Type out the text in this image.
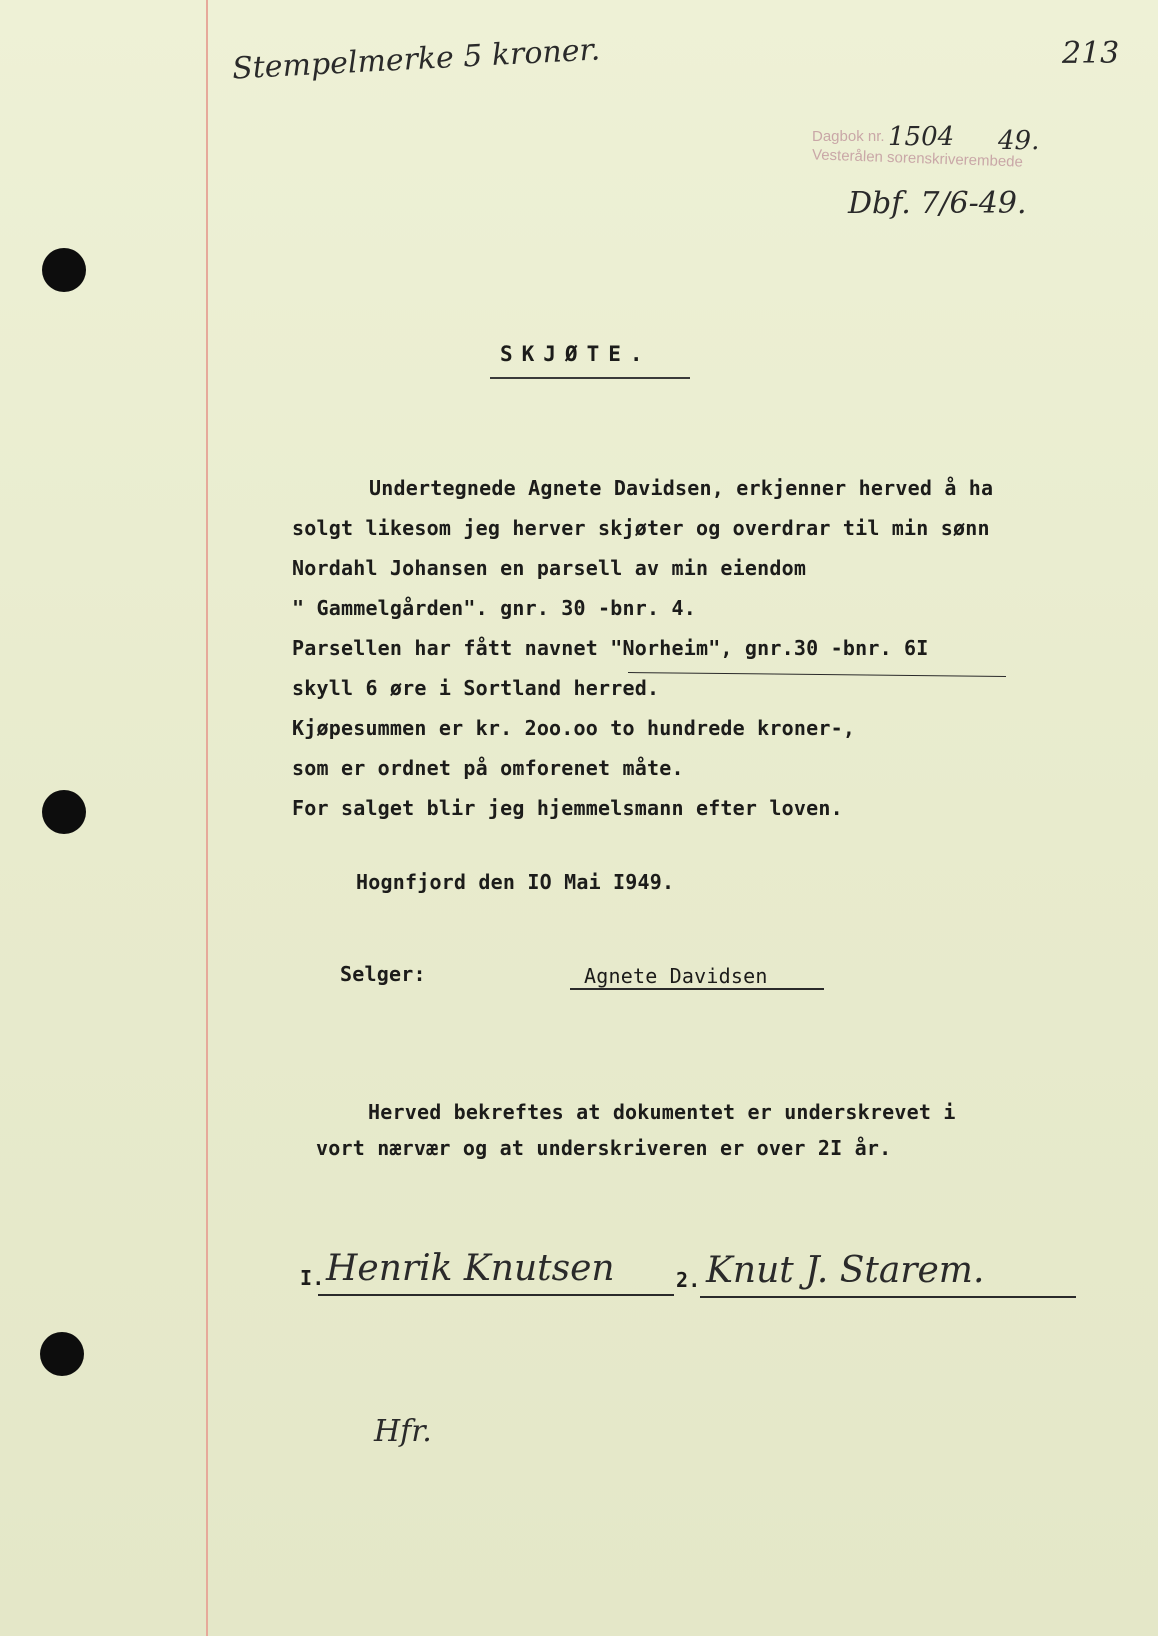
Stempelmerke 5 kroner.	213
Dagbok nr. 1504 49.
Vesterålen sorenskriverembede
Dbf. 7/6-49.
SKJØTE.
Undertegnede Agnete Davidsen, erkjenner herved å ha
solgt likesom jeg herver skjøter og overdrar til min sønn
Nordahl Johansen en parsell av min eiendom
" Gammelgården". gnr. 30 -bnr. 4.
Parsellen har fått navnet "Norheim", gnr.30 -bnr. 6I
skyll 6 øre i Sortland herred.
Kjøpesummen er kr. 2oo.oo to hundrede kroner-,
som er ordnet på omforenet måte.
For salget blir jeg hjemmelsmann efter loven.
Hognfjord den IO Mai I949.
Selger:	Agnete Davidsen
Herved bekreftes at dokumentet er underskrevet i
vort nærvær og at underskriveren er over 2I år.
I. Henrik Knutsen	2. Knut J. Starem.
Hfr.
